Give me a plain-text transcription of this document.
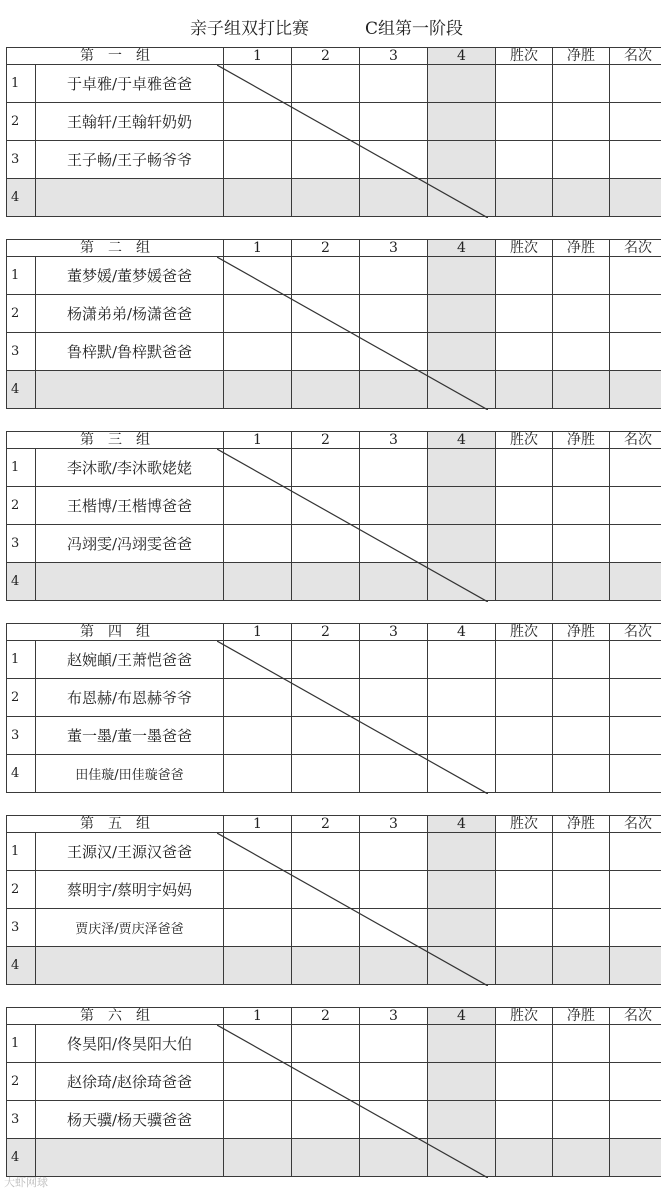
亲子组双打比赛	C组第一阶段
第　一　组		1	2	3	4	胜次	净胜	名次
1	于卓雅/于卓雅爸爸							
2	王翰轩/王翰轩奶奶							
3	王子畅/王子畅爷爷							
4								
第　二　组		1	2	3	4	胜次	净胜	名次
1	董梦媛/董梦媛爸爸							
2	杨潇弟弟/杨潇爸爸							
3	鲁梓默/鲁梓默爸爸							
4								
第　三　组		1	2	3	4	胜次	净胜	名次
1	李沐歌/李沐歌姥姥							
2	王楷博/王楷博爸爸							
3	冯翊雯/冯翊雯爸爸							
4								
第　四　组		1	2	3	4	胜次	净胜	名次
1	赵婉頔/王萧恺爸爸							
2	布恩赫/布恩赫爷爷							
3	董一墨/董一墨爸爸							
4	田佳璇/田佳璇爸爸							
第　五　组		1	2	3	4	胜次	净胜	名次
1	王源汉/王源汉爸爸							
2	蔡明宇/蔡明宇妈妈							
3	贾庆泽/贾庆泽爸爸							
4								
第　六　组		1	2	3	4	胜次	净胜	名次
1	佟昊阳/佟昊阳大伯							
2	赵徐琦/赵徐琦爸爸							
3	杨天骥/杨天骥爸爸							
4								
大虾网球
